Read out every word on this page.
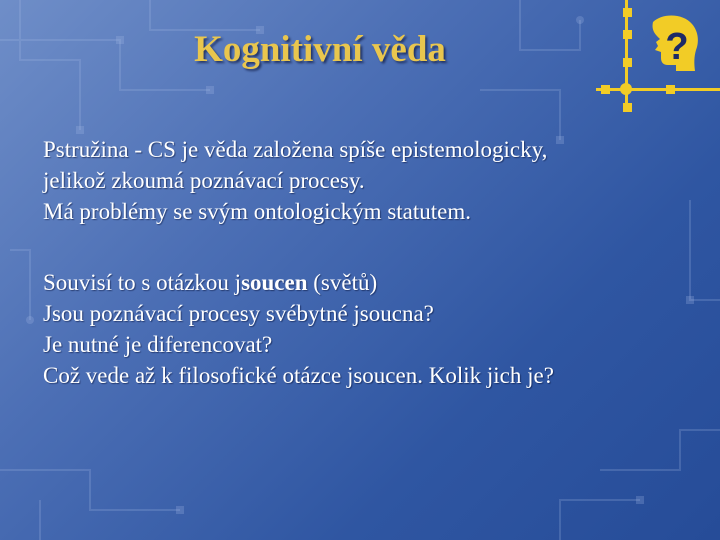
Kognitivní věda	?

Pstružina - CS je věda založena spíše epistemologicky,

jelikož zkoumá poznávací procesy.

Má problémy se svým ontologickým statutem.

Souvisí to s otázkou jsoucen (světů)

Jsou poznávací procesy svébytné jsoucna?

Je nutné je diferencovat?

Což vede až k filosofické otázce jsoucen. Kolik jich je?
